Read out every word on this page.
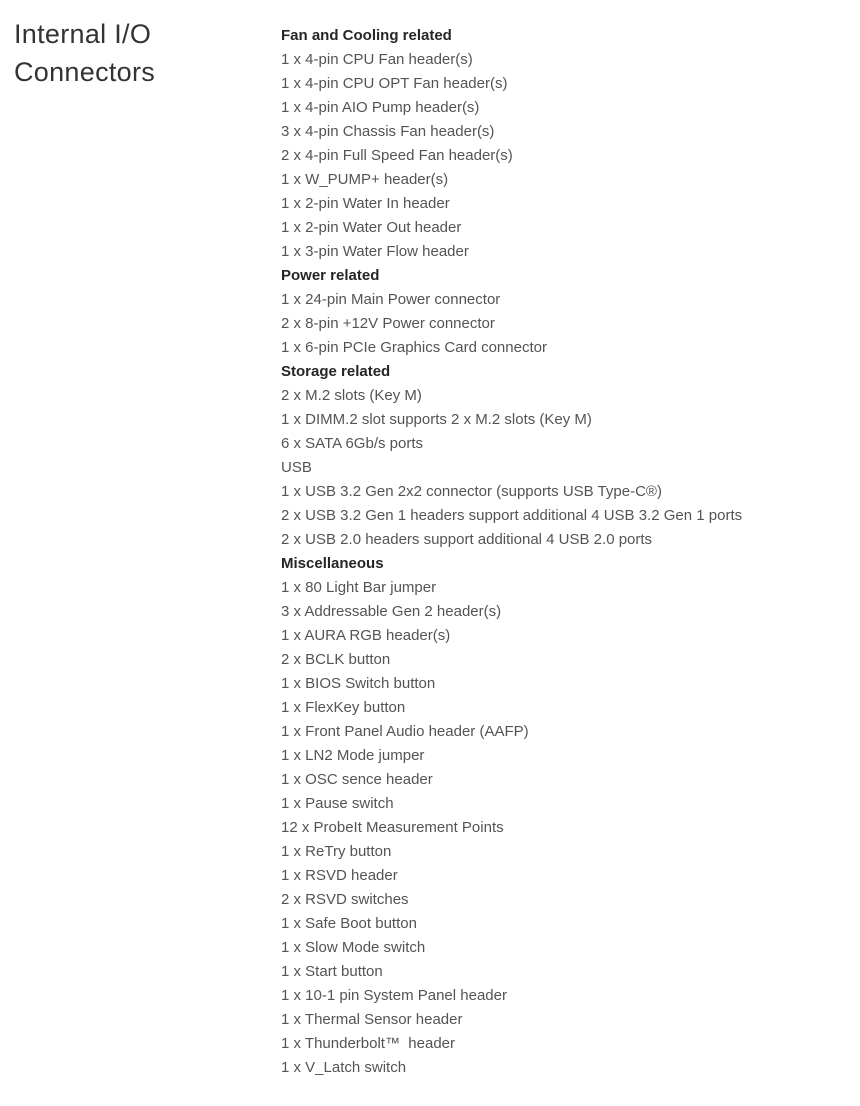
Internal I/O
Connectors
Fan and Cooling related
1 x 4-pin CPU Fan header(s)
1 x 4-pin CPU OPT Fan header(s)
1 x 4-pin AIO Pump header(s)
3 x 4-pin Chassis Fan header(s)
2 x 4-pin Full Speed Fan header(s)
1 x W_PUMP+ header(s)
1 x 2-pin Water In header
1 x 2-pin Water Out header
1 x 3-pin Water Flow header
Power related
1 x 24-pin Main Power connector
2 x 8-pin +12V Power connector
1 x 6-pin PCIe Graphics Card connector
Storage related
2 x M.2 slots (Key M)
1 x DIMM.2 slot supports 2 x M.2 slots (Key M)
6 x SATA 6Gb/s ports
USB
1 x USB 3.2 Gen 2x2 connector (supports USB Type-C®)
2 x USB 3.2 Gen 1 headers support additional 4 USB 3.2 Gen 1 ports
2 x USB 2.0 headers support additional 4 USB 2.0 ports
Miscellaneous
1 x 80 Light Bar jumper
3 x Addressable Gen 2 header(s)
1 x AURA RGB header(s)
2 x BCLK button
1 x BIOS Switch button
1 x FlexKey button
1 x Front Panel Audio header (AAFP)
1 x LN2 Mode jumper
1 x OSC sence header
1 x Pause switch
12 x ProbeIt Measurement Points
1 x ReTry button
1 x RSVD header
2 x RSVD switches
1 x Safe Boot button
1 x Slow Mode switch
1 x Start button
1 x 10-1 pin System Panel header
1 x Thermal Sensor header
1 x Thunderbolt™  header
1 x V_Latch switch
